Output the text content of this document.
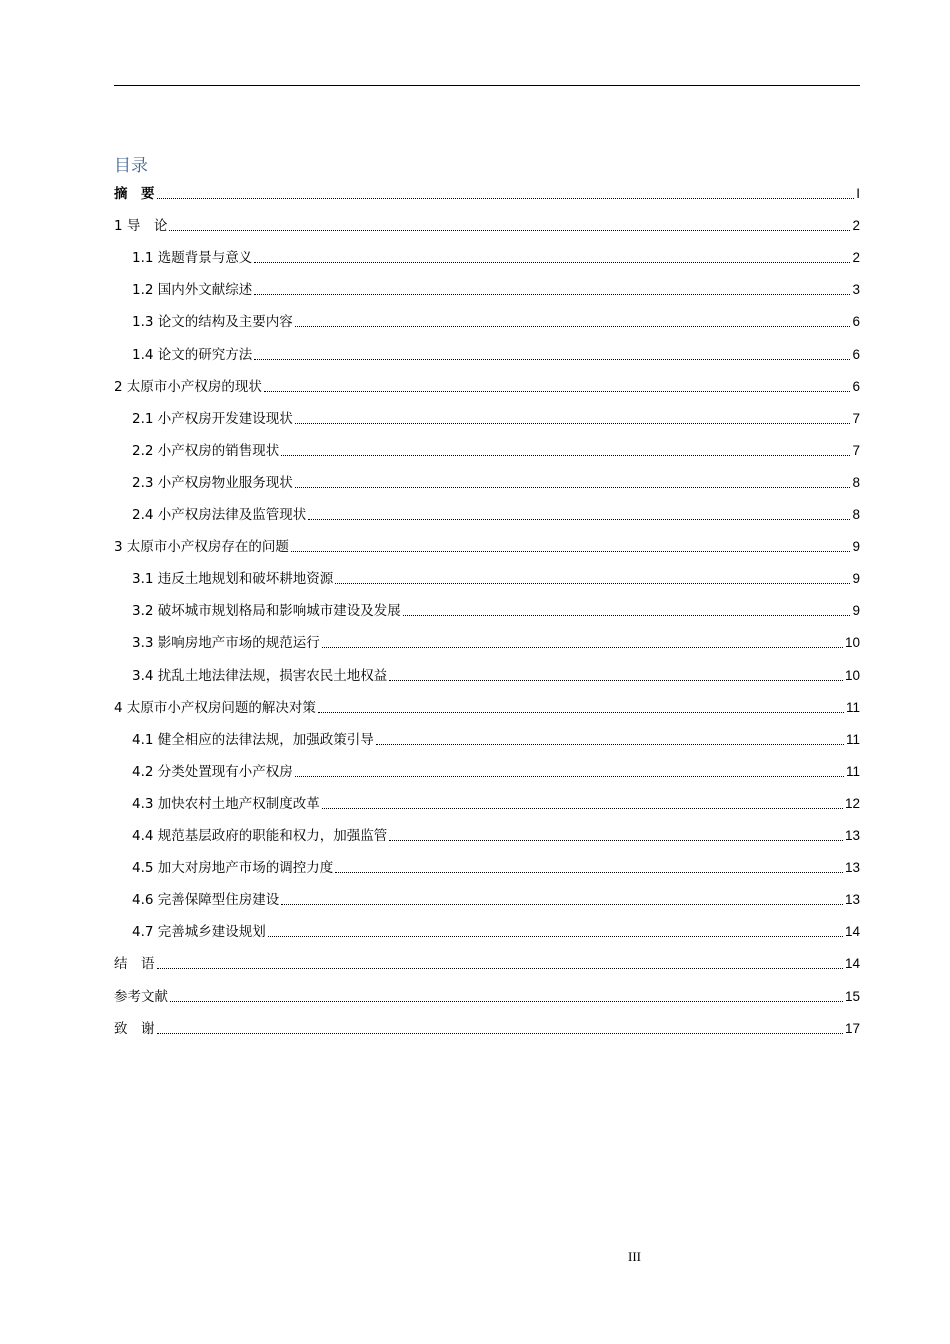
目录
摘　要	I
1 导　论	2
1.1 选题背景与意义	2
1.2 国内外文献综述	3
1.3 论文的结构及主要内容	6
1.4 论文的研究方法	6
2 太原市小产权房的现状	6
2.1 小产权房开发建设现状	7
2.2 小产权房的销售现状	7
2.3 小产权房物业服务现状	8
2.4 小产权房法律及监管现状	8
3 太原市小产权房存在的问题	9
3.1 违反土地规划和破坏耕地资源	9
3.2 破坏城市规划格局和影响城市建设及发展	9
3.3 影响房地产市场的规范运行	10
3.4 扰乱土地法律法规，损害农民土地权益	10
4 太原市小产权房问题的解决对策	11
4.1 健全相应的法律法规，加强政策引导	11
4.2 分类处置现有小产权房	11
4.3 加快农村土地产权制度改革	12
4.4 规范基层政府的职能和权力，加强监管	13
4.5 加大对房地产市场的调控力度	13
4.6 完善保障型住房建设	13
4.7 完善城乡建设规划	14
结　语	14
参考文献	15
致　谢	17
III
